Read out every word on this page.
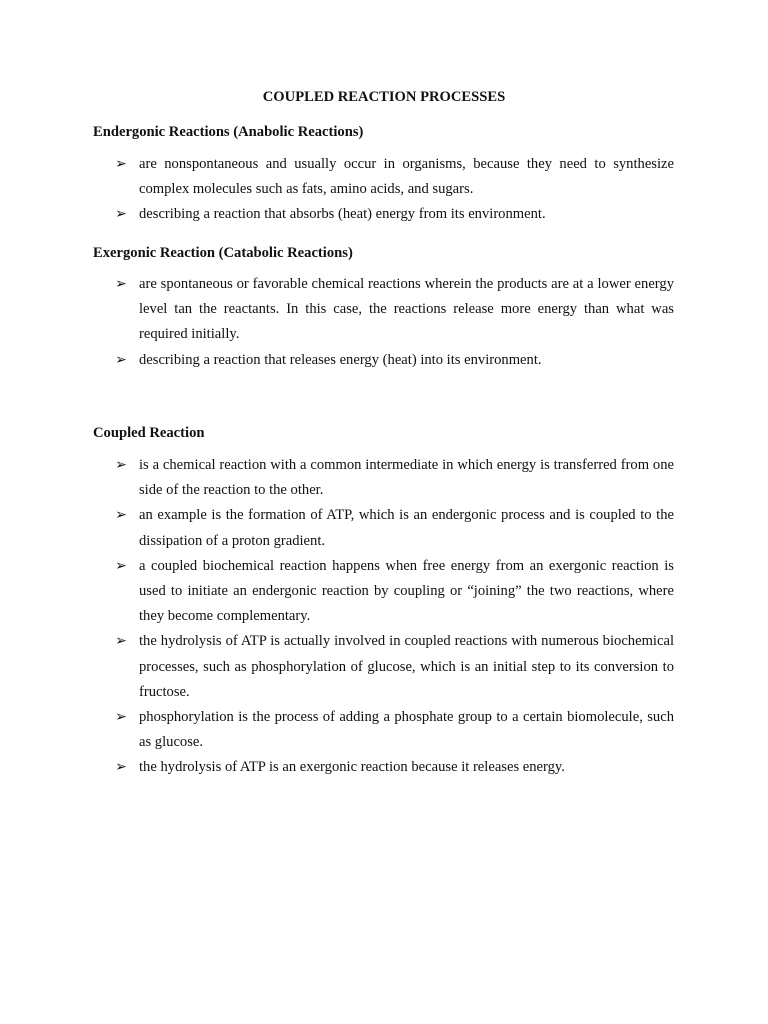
COUPLED REACTION PROCESSES
Endergonic Reactions (Anabolic Reactions)
➢ are nonspontaneous and usually occur in organisms, because they need to synthesize complex molecules such as fats, amino acids, and sugars.
➢ describing a reaction that absorbs (heat) energy from its environment.
Exergonic Reaction (Catabolic Reactions)
➢ are spontaneous or favorable chemical reactions wherein the products are at a lower energy level tan the reactants. In this case, the reactions release more energy than what was required initially.
➢ describing a reaction that releases energy (heat) into its environment.
Coupled Reaction
➢ is a chemical reaction with a common intermediate in which energy is transferred from one side of the reaction to the other.
➢ an example is the formation of ATP, which is an endergonic process and is coupled to the dissipation of a proton gradient.
➢ a coupled biochemical reaction happens when free energy from an exergonic reaction is used to initiate an endergonic reaction by coupling or “joining” the two reactions, where they become complementary.
➢ the hydrolysis of ATP is actually involved in coupled reactions with numerous biochemical processes, such as phosphorylation of glucose, which is an initial step to its conversion to fructose.
➢ phosphorylation is the process of adding a phosphate group to a certain biomolecule, such as glucose.
➢ the hydrolysis of ATP is an exergonic reaction because it releases energy.
